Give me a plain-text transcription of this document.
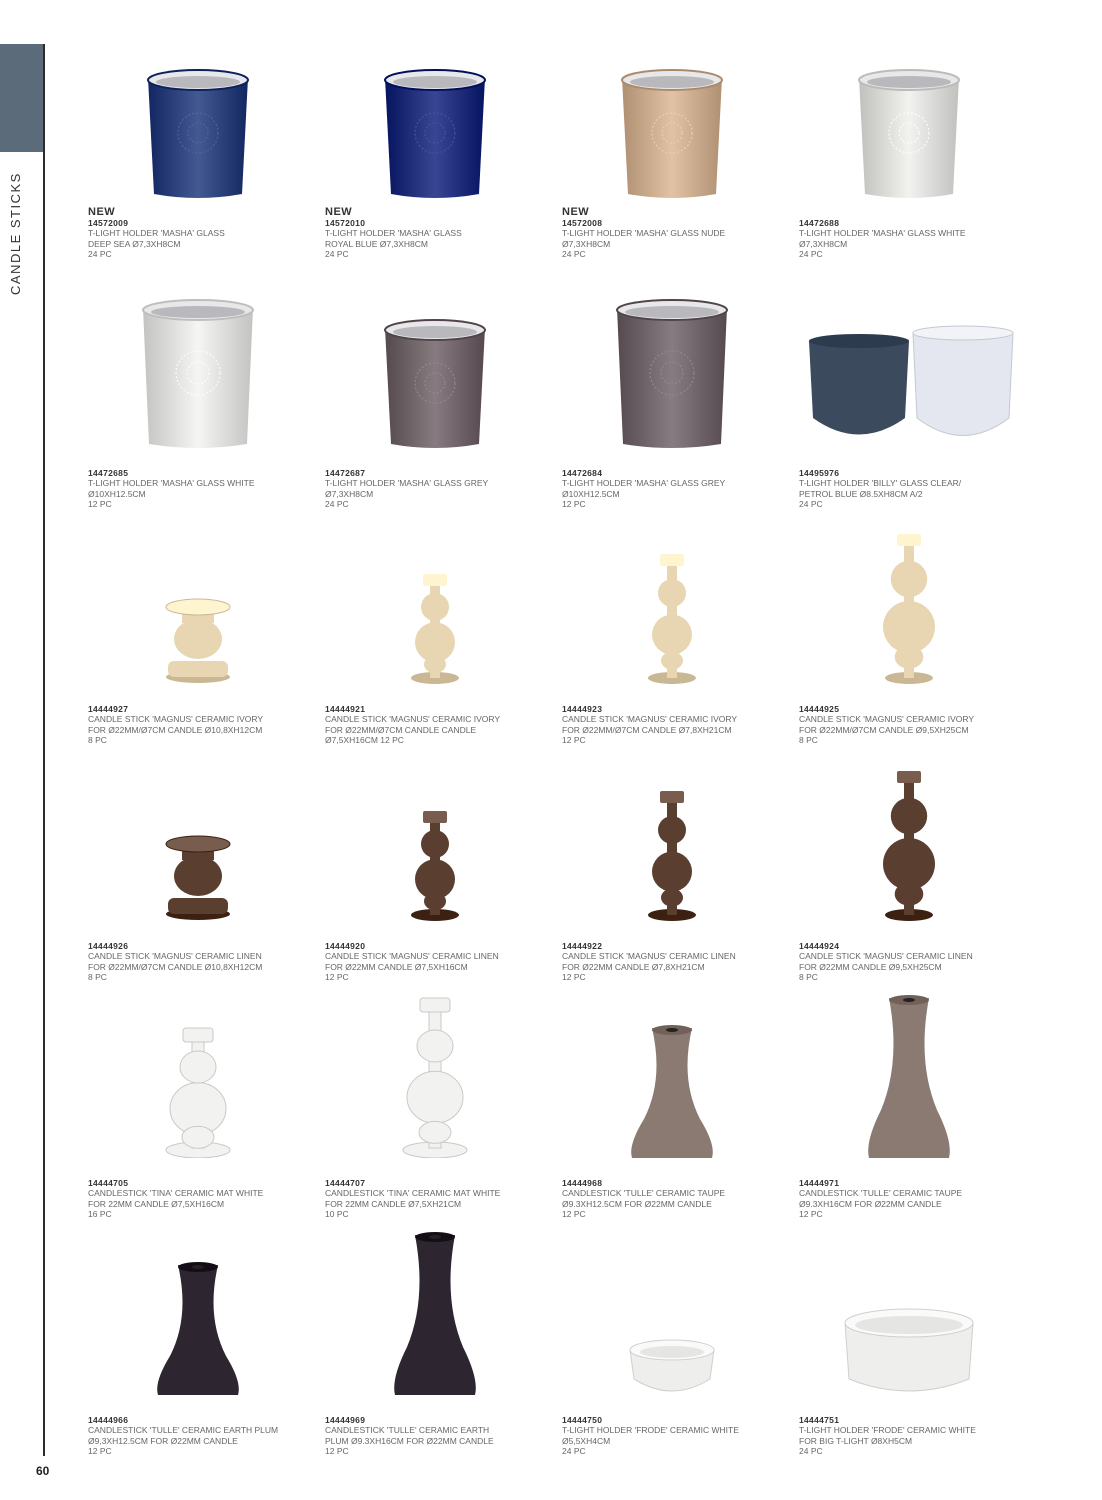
CANDLE STICKS
60
NEW
14572009
T-LIGHT HOLDER 'MASHA' GLASS
DEEP SEA Ø7,3XH8CM
24 PC
NEW
14572010
T-LIGHT HOLDER 'MASHA' GLASS
ROYAL BLUE Ø7,3XH8CM
24 PC
NEW
14572008
T-LIGHT HOLDER 'MASHA' GLASS NUDE
Ø7,3XH8CM
24 PC
14472688
T-LIGHT HOLDER 'MASHA' GLASS WHITE
Ø7,3XH8CM
24 PC
14472685
T-LIGHT HOLDER 'MASHA' GLASS WHITE
Ø10XH12.5CM
12 PC
14472687
T-LIGHT HOLDER 'MASHA' GLASS GREY
Ø7,3XH8CM
24 PC
14472684
T-LIGHT HOLDER 'MASHA' GLASS GREY
Ø10XH12.5CM
12 PC
14495976
T-LIGHT HOLDER 'BILLY' GLASS CLEAR/
PETROL BLUE Ø8.5XH8CM A/2
24 PC
14444927
CANDLE STICK 'MAGNUS' CERAMIC IVORY
FOR Ø22MM/Ø7CM CANDLE Ø10,8XH12CM
8 PC
14444921
CANDLE STICK 'MAGNUS' CERAMIC IVORY
FOR Ø22MM/Ø7CM CANDLE CANDLE
Ø7,5XH16CM 12 PC
14444923
CANDLE STICK 'MAGNUS' CERAMIC IVORY
FOR Ø22MM/Ø7CM CANDLE Ø7,8XH21CM
12 PC
14444925
CANDLE STICK 'MAGNUS' CERAMIC IVORY
FOR Ø22MM/Ø7CM CANDLE Ø9,5XH25CM
8 PC
14444926
CANDLE STICK 'MAGNUS' CERAMIC LINEN
FOR Ø22MM/Ø7CM CANDLE Ø10,8XH12CM
8 PC
14444920
CANDLE STICK 'MAGNUS' CERAMIC LINEN
FOR Ø22MM CANDLE Ø7,5XH16CM
12 PC
14444922
CANDLE STICK 'MAGNUS' CERAMIC LINEN
FOR Ø22MM CANDLE Ø7,8XH21CM
12 PC
14444924
CANDLE STICK 'MAGNUS' CERAMIC LINEN
FOR Ø22MM CANDLE Ø9,5XH25CM
8 PC
14444705
CANDLESTICK 'TINA' CERAMIC MAT WHITE
FOR 22MM CANDLE Ø7,5XH16CM
16 PC
14444707
CANDLESTICK 'TINA' CERAMIC MAT WHITE
FOR 22MM CANDLE Ø7,5XH21CM
10 PC
14444968
CANDLESTICK 'TULLE' CERAMIC TAUPE
Ø9.3XH12.5CM FOR Ø22MM CANDLE
12 PC
14444971
CANDLESTICK 'TULLE' CERAMIC TAUPE
Ø9.3XH16CM FOR Ø22MM CANDLE
12 PC
14444966
CANDLESTICK 'TULLE' CERAMIC EARTH PLUM
Ø9,3XH12.5CM FOR Ø22MM CANDLE
12 PC
14444969
CANDLESTICK 'TULLE' CERAMIC EARTH
PLUM Ø9.3XH16CM FOR Ø22MM CANDLE
12 PC
14444750
T-LIGHT HOLDER 'FRODE' CERAMIC WHITE
Ø5,5XH4CM
24 PC
14444751
T-LIGHT HOLDER 'FRODE' CERAMIC WHITE
FOR BIG T-LIGHT Ø8XH5CM
24 PC
